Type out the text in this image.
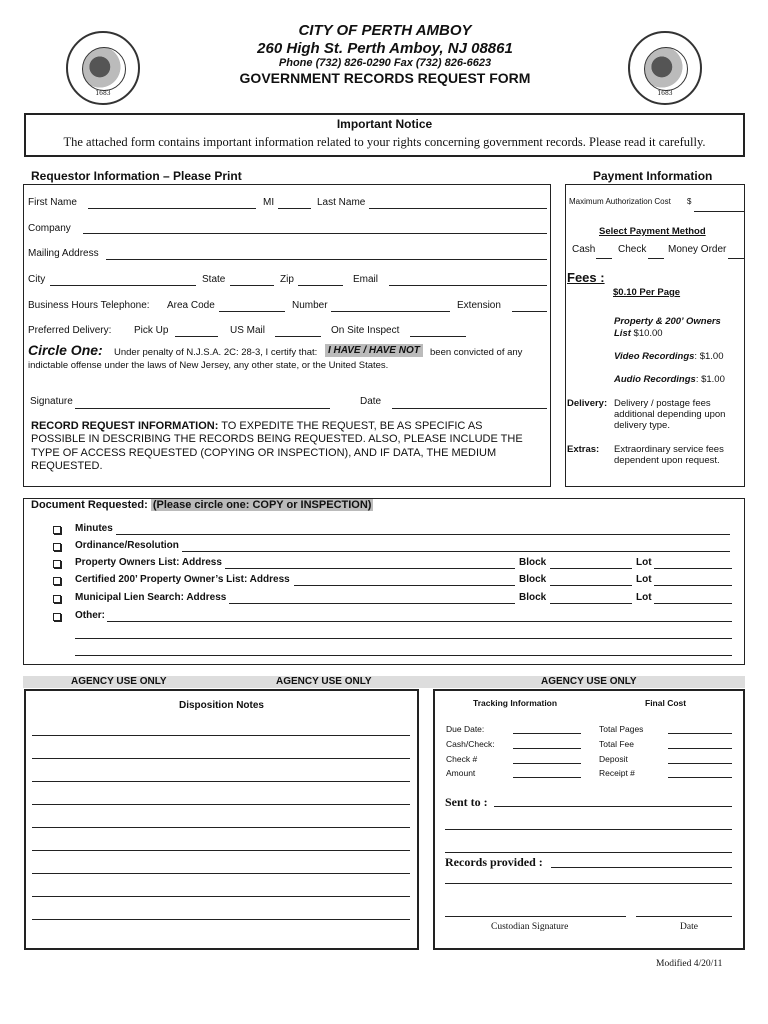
1683	1683
CITY OF PERTH AMBOY
260 High St. Perth Amboy, NJ 08861
Phone (732) 826-0290 Fax (732) 826-6623
GOVERNMENT RECORDS REQUEST FORM
Important Notice
The attached form contains important information related to your rights concerning government records. Please read it carefully.
Requestor Information – Please Print	Payment Information
First Name	MI	Last Name
Company
Mailing Address
City	State	Zip	Email
Business Hours Telephone: Area Code	Number	Extension
Preferred Delivery: Pick Up	US Mail	On Site Inspect
Circle One: Under penalty of N.J.S.A. 2C: 28-3, I certify that:	I HAVE / HAVE NOT	been convicted of any
indictable offense under the laws of New Jersey, any other state, or the United States.
Signature	Date
RECORD REQUEST INFORMATION: TO EXPEDITE THE REQUEST, BE AS SPECIFIC AS
POSSIBLE IN DESCRIBING THE RECORDS BEING REQUESTED. ALSO, PLEASE INCLUDE THE
TYPE OF ACCESS REQUESTED (COPYING OR INSPECTION), AND IF DATA, THE MEDIUM
REQUESTED.
Maximum Authorization Cost $
Select Payment Method
Cash Check Money Order
Fees :
$0.10 Per Page
Property & 200’ Owners
List $10.00
Video Recordings: $1.00
Audio Recordings: $1.00
Delivery: Delivery / postage fees
additional depending upon
delivery type.
Extras: Extraordinary service fees
dependent upon request.
Document Requested: (Please circle one: COPY or INSPECTION)
Minutes
Ordinance/Resolution
Property Owners List: Address	Block	Lot
Certified 200’ Property Owner’s List: Address	Block	Lot
Municipal Lien Search: Address	Block	Lot
Other:
AGENCY USE ONLY	AGENCY USE ONLY	AGENCY USE ONLY
Disposition Notes	Tracking Information	Final Cost
Due Date:	Total Pages
Cash/Check:	Total Fee
Check #	Deposit
Amount	Receipt #
Sent to :
Records provided :
Custodian Signature	Date
Modified 4/20/11
